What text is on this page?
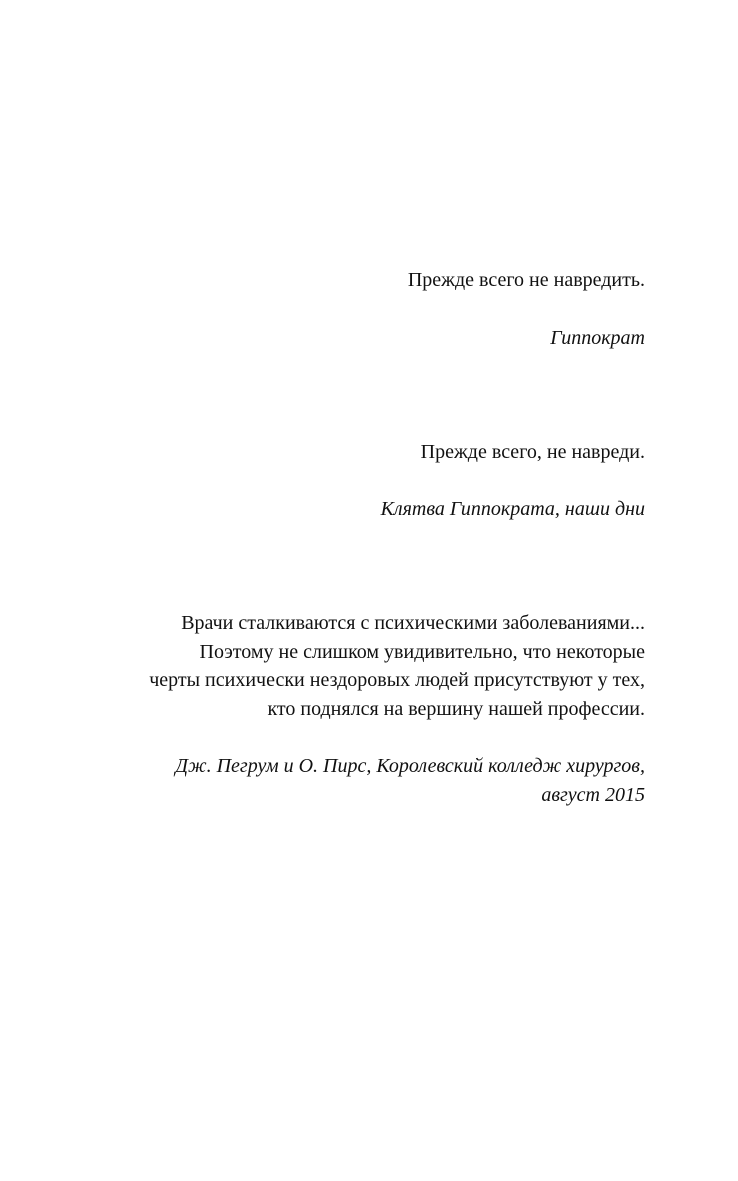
Прежде всего не навредить.

Гиппократ

Прежде всего, не навреди.

Клятва Гиппократа, наши дни

Врачи сталкиваются с психическими заболеваниями...

Поэтому не слишком увидивительно, что некоторые

черты психически нездоровых людей присутствуют у тех,

кто поднялся на вершину нашей профессии.

Дж. Пегрум и О. Пирс, Королевский колледж хирургов,

август 2015
